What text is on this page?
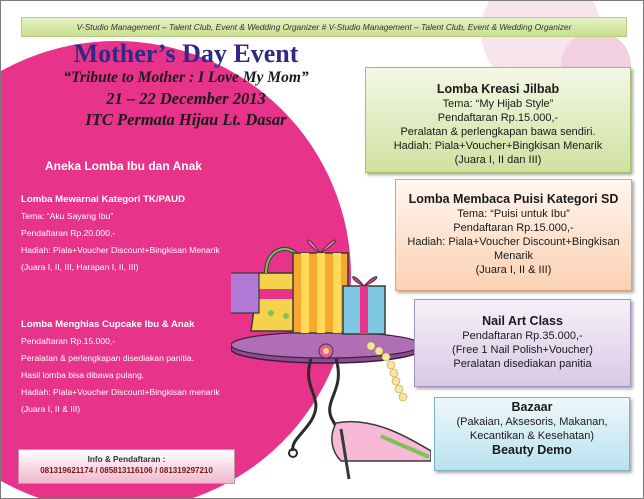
V-Studio Management – Talent Club, Event & Wedding Organizer # V-Studio Management – Talent Club, Event & Wedding Organizer
Mother’s Day Event
“Tribute to Mother : I Love My Mom”
21 – 22 December 2013
ITC Permata Hijau Lt. Dasar
Aneka Lomba Ibu dan Anak
Lomba Mewarnai Kategori TK/PAUD
Tema: “Aku Sayang Ibu”
Pendaftaran Rp.20.000,-
Hadiah: Piala+Voucher Discount+Bingkisan Menarik
(Juara I, II, III, Harapan I, II, III)
Lomba Menghias Cupcake Ibu & Anak
Pendaftaran Rp.15.000,-
Peralatan & perlengkapan disediakan panitia.
Hasil lomba bisa dibawa pulang.
Hadiah: Piala+Voucher Discount+Bingkisan menarik (Juara I, II & III)
Info & Pendaftaran :
081319621174 / 085813116106 / 081319297210
Lomba Kreasi Jilbab
Tema: “My Hijab Style”
Pendaftaran Rp.15.000,-
Peralatan & perlengkapan bawa sendiri.
Hadiah: Piala+Voucher+Bingkisan Menarik
(Juara I, II dan III)
Lomba Membaca Puisi Kategori SD
Tema: “Puisi untuk Ibu”
Pendaftaran Rp.15.000,-
Hadiah: Piala+Voucher Discount+Bingkisan Menarik
(Juara I, II & III)
Nail Art Class
Pendaftaran Rp.35.000,-
(Free 1 Nail Polish+Voucher)
Peralatan disediakan panitia
Bazaar
(Pakaian, Aksesoris, Makanan,
Kecantikan & Kesehatan)
Beauty Demo
